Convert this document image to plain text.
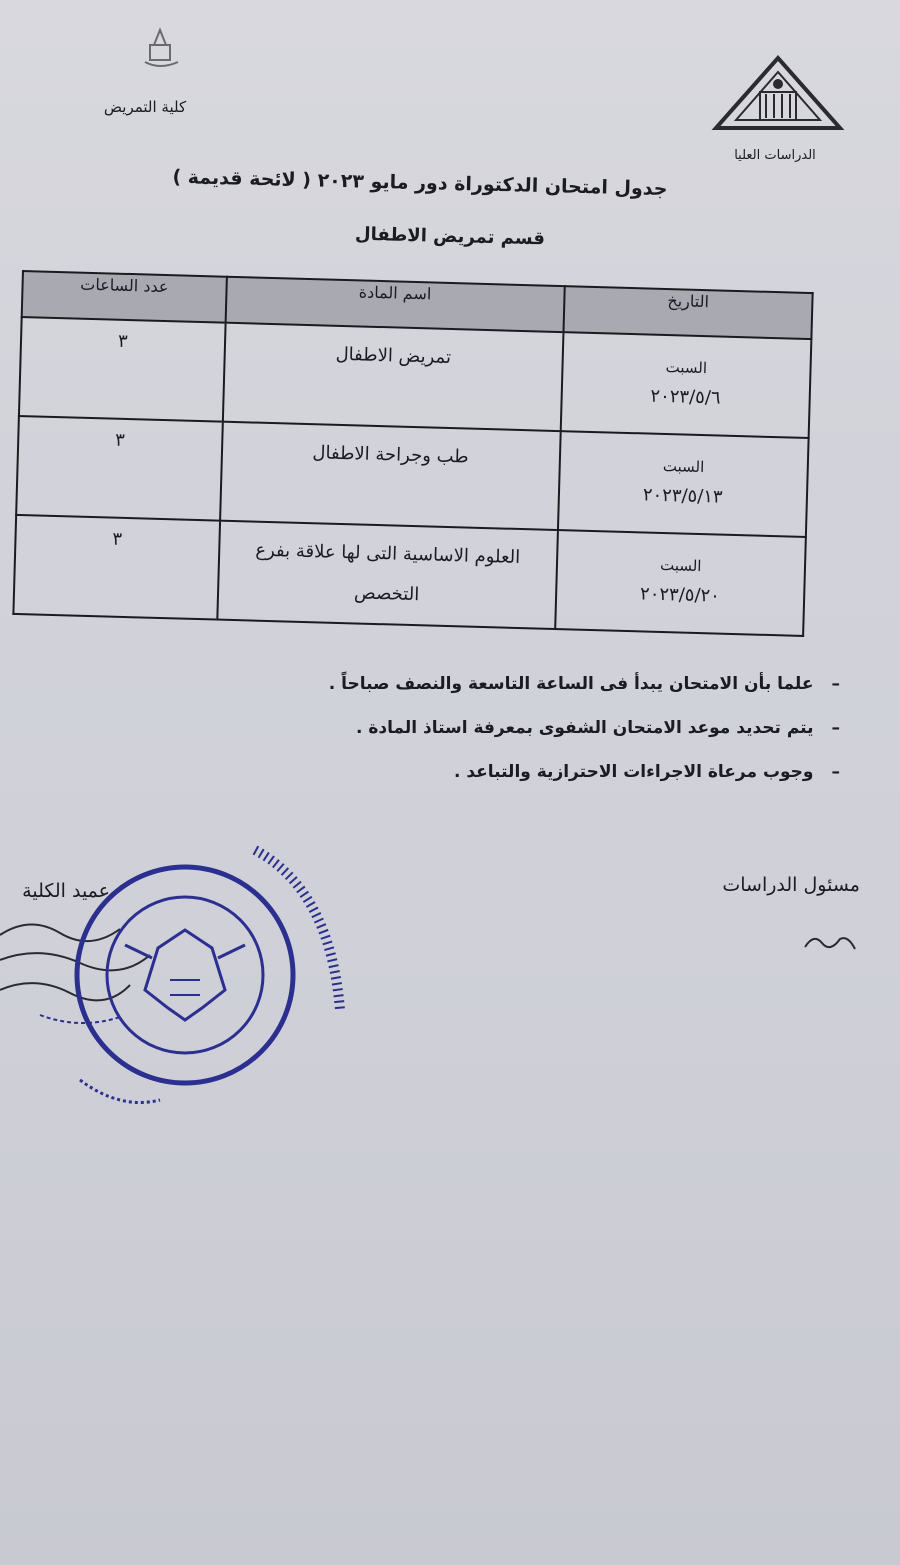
كلية التمريض
الدراسات العليا
جدول امتحان الدكتوراة دور مايو ٢٠٢٣ ( لائحة قديمة )
قسم تمريض الاطفال
التاريخ	اسم المادة	عدد الساعات

السبت
٢٠٢٣/٥/٦	تمريض الاطفال	٣

السبت
٢٠٢٣/٥/١٣	طب وجراحة الاطفال	٣

السبت
٢٠٢٣/٥/٢٠	العلوم الاساسية التى لها علاقة بفرع التخصص	٣
–علما بأن الامتحان يبدأ فى الساعة التاسعة والنصف صباحاً .
–يتم تحديد موعد الامتحان الشفوى بمعرفة استاذ المادة .
–وجوب مرعاة الاجراءات الاحترازية والتباعد .
مسئول الدراسات
عميد الكلية
